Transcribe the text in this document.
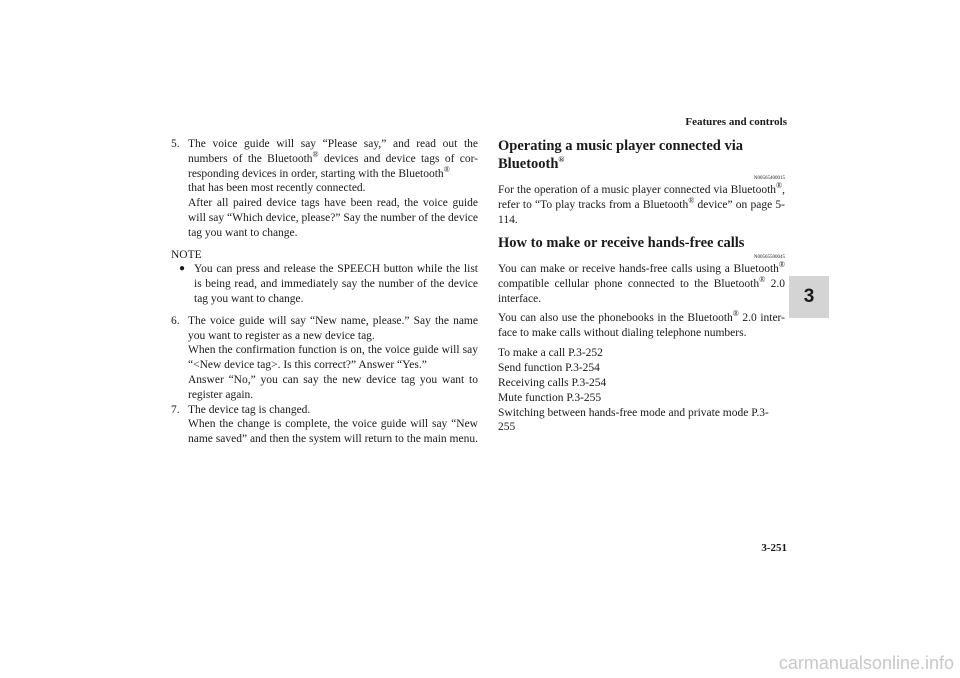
Features and controls
3
5. The voice guide will say “Please say,” and read out the numbers of the Bluetooth® devices and device tags of cor-responding devices in order, starting with the Bluetooth®
that has been most recently connected.

After all paired device tags have been read, the voice guide will say “Which device, please?” Say the number of the device tag you want to change.

NOTE
● You can press and release the SPEECH button while the list is being read, and immediately say the number of the device tag you want to change.
6. The voice guide will say “New name, please.” Say the name you want to register as a new device tag.

When the confirmation function is on, the voice guide will say “<New device tag>. Is this correct?” Answer “Yes.”

Answer “No,” you can say the new device tag you want to register again.

7. The device tag is changed.

When the change is complete, the voice guide will say “New name saved” and then the system will return to the main menu.

Operating a music player connected via Bluetooth®
N00565400015

For the operation of a music player connected via Bluetooth®, refer to “To play tracks from a Bluetooth® device” on page 5-114.

How to make or receive hands-free calls
N00565500045

You can make or receive hands-free calls using a Bluetooth® compatible cellular phone connected to the Bluetooth® 2.0 interface.

You can also use the phonebooks in the Bluetooth® 2.0 inter-face to make calls without dialing telephone numbers.

To make a call P.3-252

Send function P.3-254

Receiving calls P.3-254

Mute function P.3-255

Switching between hands-free mode and private mode P.3-255

3-251
carmanualsonline.info
